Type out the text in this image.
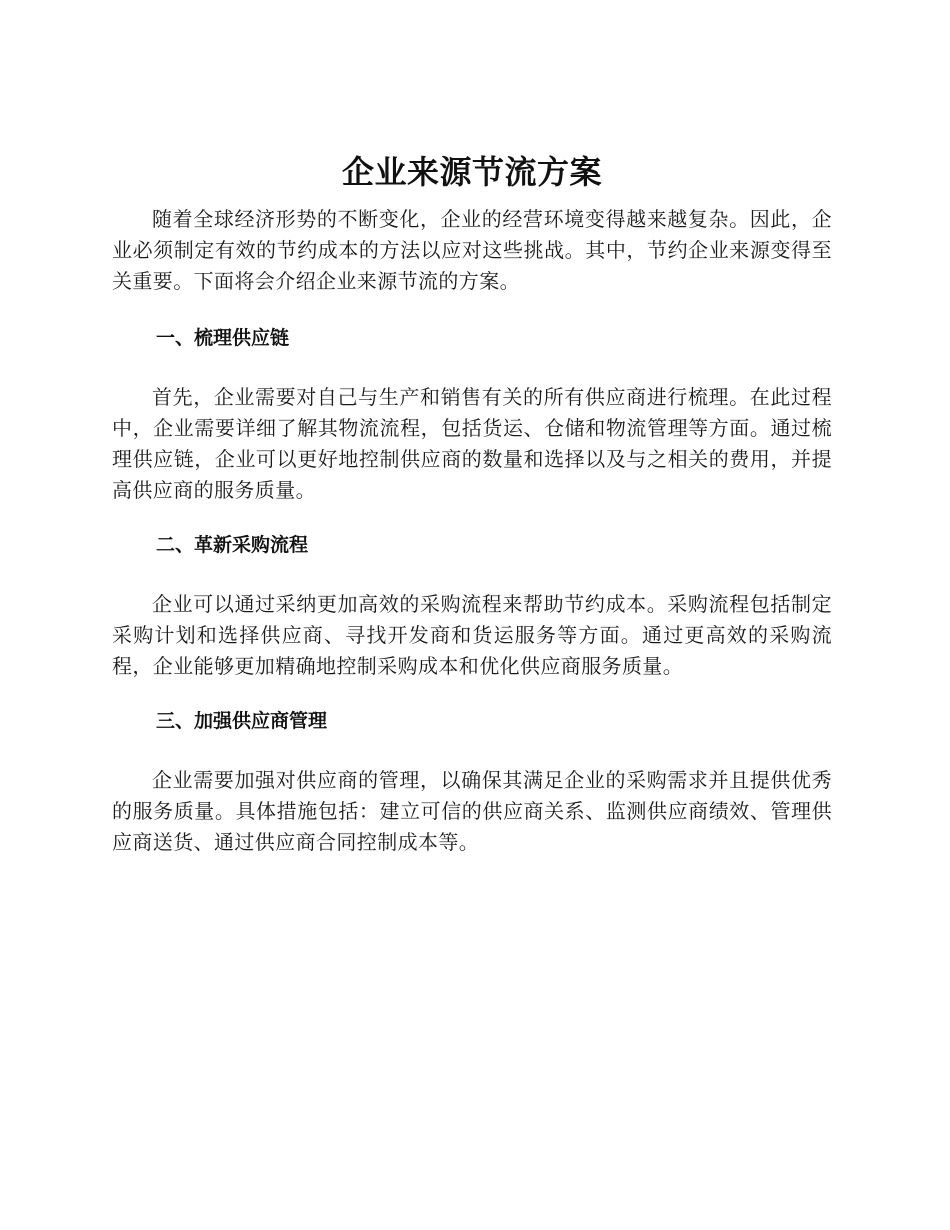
企业来源节流方案

随着全球经济形势的不断变化，企业的经营环境变得越来越复杂。因此，企业必须制定有效的节约成本的方法以应对这些挑战。其中，节约企业来源变得至关重要。下面将会介绍企业来源节流的方案。

一、梳理供应链

首先，企业需要对自己与生产和销售有关的所有供应商进行梳理。在此过程中，企业需要详细了解其物流流程，包括货运、仓储和物流管理等方面。通过梳理供应链，企业可以更好地控制供应商的数量和选择以及与之相关的费用，并提高供应商的服务质量。

二、革新采购流程

企业可以通过采纳更加高效的采购流程来帮助节约成本。采购流程包括制定采购计划和选择供应商、寻找开发商和货运服务等方面。通过更高效的采购流程，企业能够更加精确地控制采购成本和优化供应商服务质量。

三、加强供应商管理

企业需要加强对供应商的管理，以确保其满足企业的采购需求并且提供优秀的服务质量。具体措施包括：建立可信的供应商关系、监测供应商绩效、管理供应商送货、通过供应商合同控制成本等。
